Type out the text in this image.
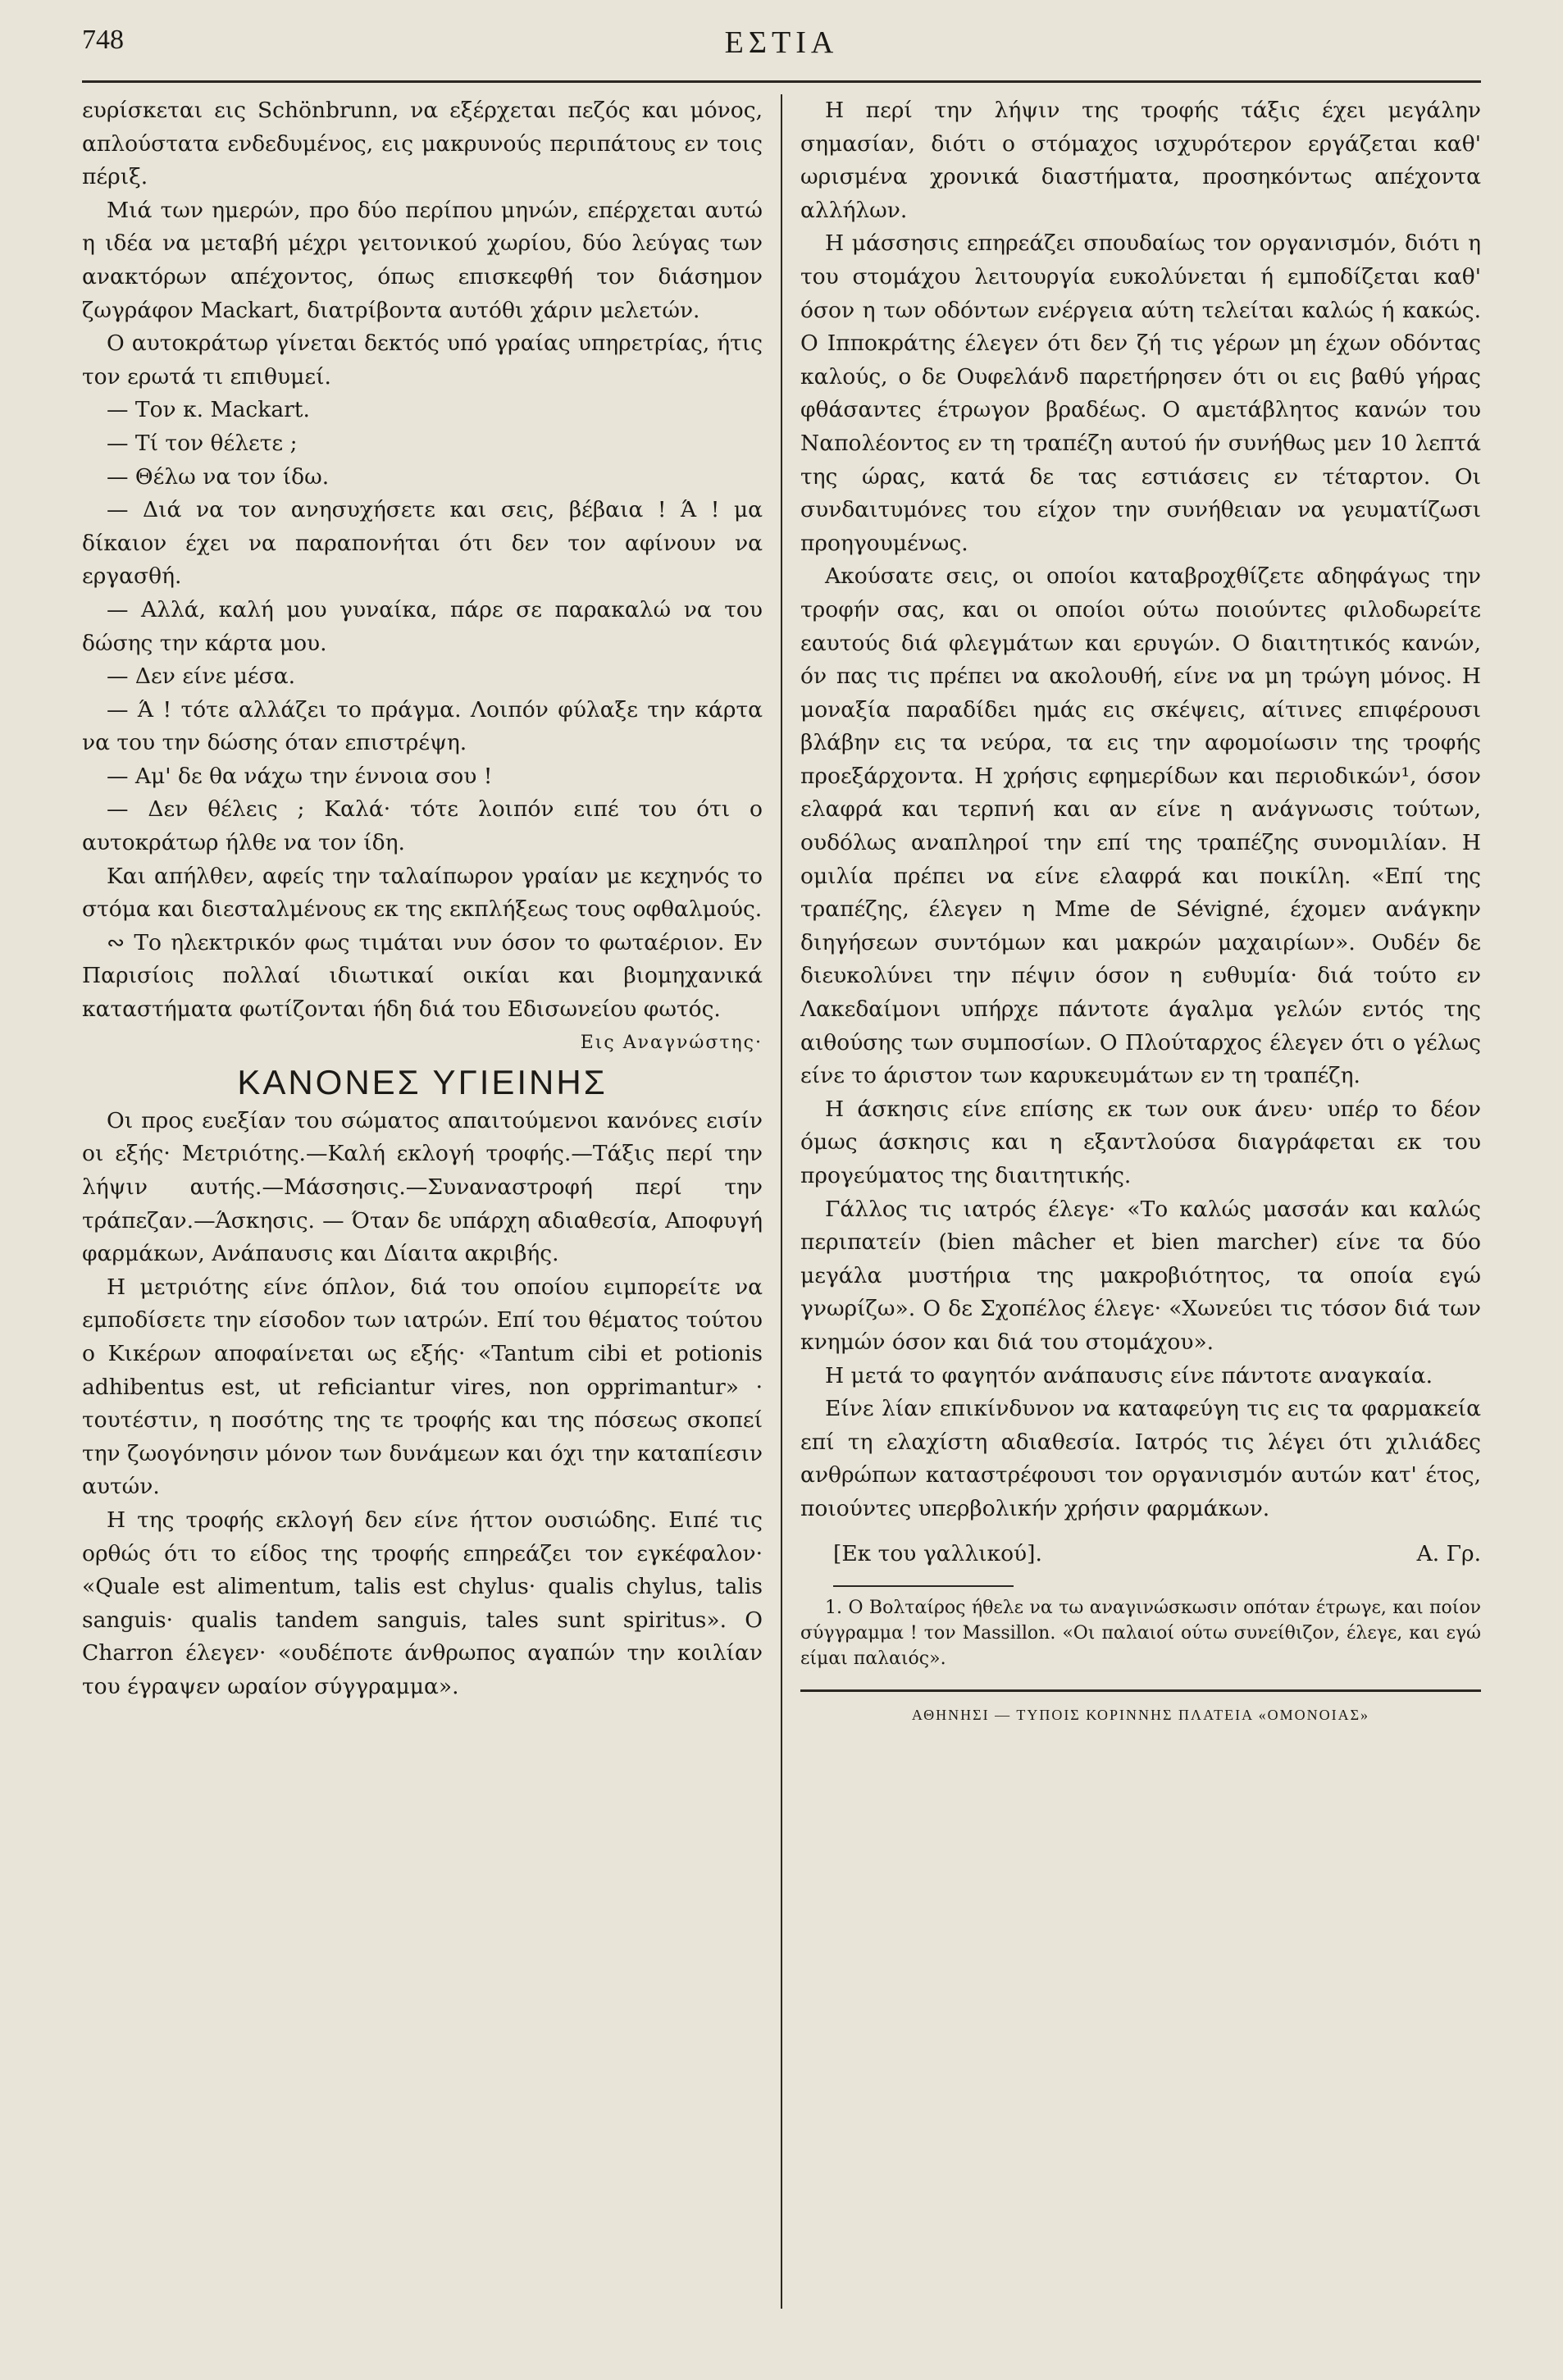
748	ΕΣΤΙΑ

ευρίσκεται εις Schönbrunn, να εξέρχεται πεζός και μόνος, απλούστατα ενδεδυμένος, εις μακρυνούς περιπάτους εν τοις πέριξ.

Μιά των ημερών, προ δύο περίπου μηνών, επέρχεται αυτώ η ιδέα να μεταβή μέχρι γειτονικού χωρίου, δύο λεύγας των ανακτόρων απέχοντος, όπως επισκεφθή τον διάσημον ζωγράφον Mackart, διατρίβοντα αυτόθι χάριν μελετών.

Ο αυτοκράτωρ γίνεται δεκτός υπό γραίας υπηρετρίας, ήτις τον ερωτά τι επιθυμεί.

— Τον κ. Mackart.

— Τί τον θέλετε ;

— Θέλω να τον ίδω.

— Διά να τον ανησυχήσετε και σεις, βέβαια ! Ά ! μα δίκαιον έχει να παραπονήται ότι δεν τον αφίνουν να εργασθή.

— Αλλά, καλή μου γυναίκα, πάρε σε παρακαλώ να του δώσης την κάρτα μου.

— Δεν είνε μέσα.

— Ά ! τότε αλλάζει το πράγμα. Λοιπόν φύλαξε την κάρτα να του την δώσης όταν επιστρέψη.

— Αμ' δε θα νάχω την έννοια σου !

— Δεν θέλεις ; Καλά· τότε λοιπόν ειπέ του ότι ο αυτοκράτωρ ήλθε να τον ίδη.

Και απήλθεν, αφείς την ταλαίπωρον γραίαν με κεχηνός το στόμα και διεσταλμένους εκ της εκπλήξεως τους οφθαλμούς.

∾ Το ηλεκτρικόν φως τιμάται νυν όσον το φωταέριον. Εν Παρισίοις πολλαί ιδιωτικαί οικίαι και βιομηχανικά καταστήματα φωτίζονται ήδη διά του Εδισωνείου φωτός.

Εις Αναγνώστης·

ΚΑΝΟΝΕΣ ΥΓΙΕΙΝΗΣ

Οι προς ευεξίαν του σώματος απαιτούμενοι κανόνες εισίν οι εξής· Μετριότης.—Καλή εκλογή τροφής.—Τάξις περί την λήψιν αυτής.—Μάσσησις.—Συναναστροφή περί την τράπεζαν.—Άσκησις. — Όταν δε υπάρχη αδιαθεσία, Αποφυγή φαρμάκων, Ανάπαυσις και Δίαιτα ακριβής.

Η μετριότης είνε όπλον, διά του οποίου ειμπορείτε να εμποδίσετε την είσοδον των ιατρών. Επί του θέματος τούτου ο Κικέρων αποφαίνεται ως εξής· «Tantum cibi et potionis adhibentus est, ut reficiantur vires, non opprimantur» · τουτέστιν, η ποσότης της τε τροφής και της πόσεως σκοπεί την ζωογόνησιν μόνον των δυνάμεων και όχι την καταπίεσιν αυτών.

Η της τροφής εκλογή δεν είνε ήττον ουσιώδης. Ειπέ τις ορθώς ότι το είδος της τροφής επηρεάζει τον εγκέφαλον· «Quale est alimentum, talis est chylus· qualis chylus, talis sanguis· qualis tandem sanguis, tales sunt spiritus». Ο Charron έλεγεν· «ουδέποτε άνθρωπος αγαπών την κοιλίαν του έγραψεν ωραίον σύγγραμμα».

Η περί την λήψιν της τροφής τάξις έχει μεγάλην σημασίαν, διότι ο στόμαχος ισχυρότερον εργάζεται καθ' ωρισμένα χρονικά διαστήματα, προσηκόντως απέχοντα αλλήλων.

Η μάσσησις επηρεάζει σπουδαίως τον οργανισμόν, διότι η του στομάχου λειτουργία ευκολύνεται ή εμποδίζεται καθ' όσον η των οδόντων ενέργεια αύτη τελείται καλώς ή κακώς. Ο Ιπποκράτης έλεγεν ότι δεν ζή τις γέρων μη έχων οδόντας καλούς, ο δε Ουφελάνδ παρετήρησεν ότι οι εις βαθύ γήρας φθάσαντες έτρωγον βραδέως. Ο αμετάβλητος κανών του Ναπολέοντος εν τη τραπέζη αυτού ήν συνήθως μεν 10 λεπτά της ώρας, κατά δε τας εστιάσεις εν τέταρτον. Οι συνδαιτυμόνες του είχον την συνήθειαν να γευματίζωσι προηγουμένως.

Ακούσατε σεις, οι οποίοι καταβροχθίζετε αδηφάγως την τροφήν σας, και οι οποίοι ούτω ποιούντες φιλοδωρείτε εαυτούς διά φλεγμάτων και ερυγών. Ο διαιτητικός κανών, όν πας τις πρέπει να ακολουθή, είνε να μη τρώγη μόνος. Η μοναξία παραδίδει ημάς εις σκέψεις, αίτινες επιφέρουσι βλάβην εις τα νεύρα, τα εις την αφομοίωσιν της τροφής προεξάρχοντα. Η χρήσις εφημερίδων και περιοδικών¹, όσον ελαφρά και τερπνή και αν είνε η ανάγνωσις τούτων, ουδόλως αναπληροί την επί της τραπέζης συνομιλίαν. Η ομιλία πρέπει να είνε ελαφρά και ποικίλη. «Επί της τραπέζης, έλεγεν η Mme de Sévigné, έχομεν ανάγκην διηγήσεων συντόμων και μακρών μαχαιρίων». Ουδέν δε διευκολύνει την πέψιν όσον η ευθυμία· διά τούτο εν Λακεδαίμονι υπήρχε πάντοτε άγαλμα γελών εντός της αιθούσης των συμποσίων. Ο Πλούταρχος έλεγεν ότι ο γέλως είνε το άριστον των καρυκευμάτων εν τη τραπέζη.

Η άσκησις είνε επίσης εκ των ουκ άνευ· υπέρ το δέον όμως άσκησις και η εξαντλούσα διαγράφεται εκ του προγεύματος της διαιτητικής.

Γάλλος τις ιατρός έλεγε· «Το καλώς μασσάν και καλώς περιπατείν (bien mâcher et bien marcher) είνε τα δύο μεγάλα μυστήρια της μακροβιότητος, τα οποία εγώ γνωρίζω». Ο δε Σχοπέλος έλεγε· «Χωνεύει τις τόσον διά των κνημών όσον και διά του στομάχου».

Η μετά το φαγητόν ανάπαυσις είνε πάντοτε αναγκαία.

Είνε λίαν επικίνδυνον να καταφεύγη τις εις τα φαρμακεία επί τη ελαχίστη αδιαθεσία. Ιατρός τις λέγει ότι χιλιάδες ανθρώπων καταστρέφουσι τον οργανισμόν αυτών κατ' έτος, ποιούντες υπερβολικήν χρήσιν φαρμάκων.

[Εκ του γαλλικού].	Α. Γρ.

1. Ο Βολταίρος ήθελε να τω αναγινώσκωσιν οπόταν έτρωγε, και ποίον σύγγραμμα ! τον Massillon. «Οι παλαιοί ούτω συνείθιζον, έλεγε, και εγώ είμαι παλαιός».

ΑΘΗΝΗΣΙ — ΤΥΠΟΙΣ ΚΟΡΙΝΝΗΣ ΠΛΑΤΕΙΑ «ΟΜΟΝΟΙΑΣ»
